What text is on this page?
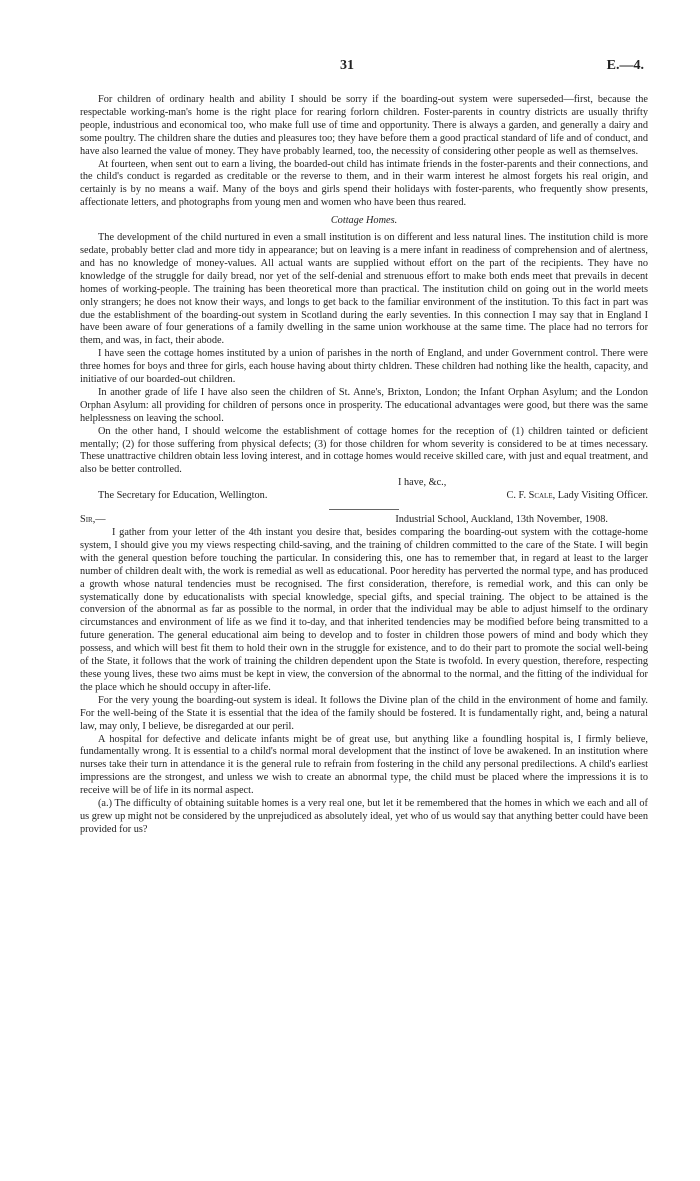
31	E.—4.

For children of ordinary health and ability I should be sorry if the boarding-out system were superseded—first, because the respectable working-man's home is the right place for rearing forlorn children. Foster-parents in country districts are usually thrifty people, industrious and economical too, who make full use of time and opportunity. There is always a garden, and generally a dairy and some poultry. The children share the duties and pleasures too; they have before them a good practical standard of life and of conduct, and have also learned the value of money. They have probably learned, too, the necessity of considering other people as well as themselves.

At fourteen, when sent out to earn a living, the boarded-out child has intimate friends in the foster-parents and their connections, and the child's conduct is regarded as creditable or the reverse to them, and in their warm interest he almost forgets his real origin, and certainly is by no means a waif. Many of the boys and girls spend their holidays with foster-parents, who frequently show presents, affectionate letters, and photographs from young men and women who have been thus reared.

Cottage Homes.

The development of the child nurtured in even a small institution is on different and less natural lines. The institution child is more sedate, probably better clad and more tidy in appearance; but on leaving is a mere infant in readiness of comprehension and of alertness, and has no knowledge of money-values. All actual wants are supplied without effort on the part of the recipients. They have no knowledge of the struggle for daily bread, nor yet of the self-denial and strenuous effort to make both ends meet that prevails in decent homes of working-people. The training has been theoretical more than practical. The institution child on going out in the world meets only strangers; he does not know their ways, and longs to get back to the familiar environment of the institution. To this fact in part was due the establishment of the boarding-out system in Scotland during the early seventies. In this connection I may say that in England I have been aware of four generations of a family dwelling in the same union workhouse at the same time. The place had no terrors for them, and was, in fact, their abode.

I have seen the cottage homes instituted by a union of parishes in the north of England, and under Government control. There were three homes for boys and three for girls, each house having about thirty chldren. These children had nothing like the health, capacity, and initiative of our boarded-out children.

In another grade of life I have also seen the children of St. Anne's, Brixton, London; the Infant Orphan Asylum; and the London Orphan Asylum: all providing for children of persons once in prosperity. The educational advantages were good, but there was the same helplessness on leaving the school.

On the other hand, I should welcome the establishment of cottage homes for the reception of (1) children tainted or deficient mentally; (2) for those suffering from physical defects; (3) for those children for whom severity is considered to be at times necessary. These unattractive children obtain less loving interest, and in cottage homes would receive skilled care, with just and equal treatment, and also be better controlled.

I have, &c.,

The Secretary for Education, Wellington.	C. F. Scale, Lady Visiting Officer.
Sir,—	Industrial School, Auckland, 13th November, 1908.

I gather from your letter of the 4th instant you desire that, besides comparing the boarding-out system with the cottage-home system, I should give you my views respecting child-saving, and the training of children committed to the care of the State. I will begin with the general question before touching the particular. In considering this, one has to remember that, in regard at least to the larger number of children dealt with, the work is remedial as well as educational. Poor heredity has perverted the normal type, and has produced a growth whose natural tendencies must be recognised. The first consideration, therefore, is remedial work, and this can only be systematically done by educationalists with special knowledge, special gifts, and special training. The object to be attained is the conversion of the abnormal as far as possible to the normal, in order that the individual may be able to adjust himself to the ordinary circumstances and environment of life as we find it to-day, and that inherited tendencies may be modified before being transmitted to a future generation. The general educational aim being to develop and to foster in children those powers of mind and body which they possess, and which will best fit them to hold their own in the struggle for existence, and to do their part to promote the social well-being of the State, it follows that the work of training the children dependent upon the State is twofold. In every question, therefore, respecting these young lives, these two aims must be kept in view, the conversion of the abnormal to the normal, and the fitting of the individual for the place which he should occupy in after-life.

For the very young the boarding-out system is ideal. It follows the Divine plan of the child in the environment of home and family. For the well-being of the State it is essential that the idea of the family should be fostered. It is fundamentally right, and, being a natural law, may only, I believe, be disregarded at our peril.

A hospital for defective and delicate infants might be of great use, but anything like a foundling hospital is, I firmly believe, fundamentally wrong. It is essential to a child's normal moral development that the instinct of love be awakened. In an institution where nurses take their turn in attendance it is the general rule to refrain from fostering in the child any personal predilections. A child's earliest impressions are the strongest, and unless we wish to create an abnormal type, the child must be placed where the impressions it is to receive will be of life in its normal aspect.

(a.) The difficulty of obtaining suitable homes is a very real one, but let it be remembered that the homes in which we each and all of us grew up might not be considered by the unprejudiced as absolutely ideal, yet who of us would say that anything better could have been provided for us?
